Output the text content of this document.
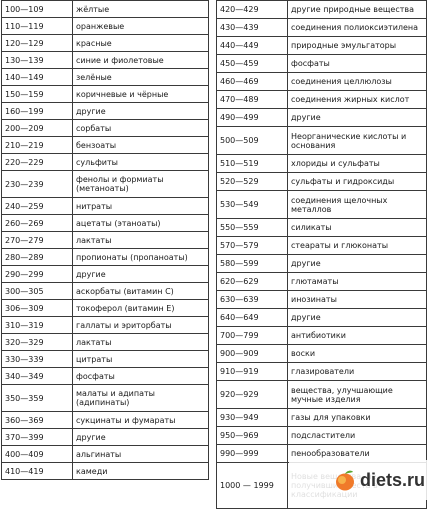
100—109	жёлтые
110—119	оранжевые
120—129	красные
130—139	синие и фиолетовые
140—149	зелёные
150—159	коричневые и чёрные
160—199	другие
200—209	сорбаты
210—219	бензоаты
220—229	сульфиты
230—239	фенолы и формиаты (метаноаты)
240—259	нитраты
260—269	ацетаты (этаноаты)
270—279	лактаты
280—289	пропионаты (пропаноаты)
290—299	другие
300—305	аскорбаты (витамин С)
306—309	токоферол (витамин Е)
310—319	галлаты и эриторбаты
320—329	лактаты
330—339	цитраты
340—349	фосфаты
350—359	малаты и адипаты (адипинаты)
360—369	сукцинаты и фумараты
370—399	другие
400—409	альгинаты
410—419	камеди
420—429	другие природные вещества
430—439	соединения полиоксиэтилена
440—449	природные эмульгаторы
450—459	фосфаты
460—469	соединения целлюлозы
470—489	соединения жирных кислот
490—499	другие
500—509	Неорганические кислоты и основания
510—519	хлориды и сульфаты
520—529	сульфаты и гидроксиды
530—549	соединения щелочных металлов
550—559	силикаты
570—579	стеараты и глюконаты
580—599	другие
620—629	глютаматы
630—639	инозинаты
640—649	другие
700—799	антибиотики
900—909	воски
910—919	глазирователи
920—929	вещества, улучшающие мучные изделия
930—949	газы для упаковки
950—969	подсластители
990—999	пенообразователи
1000 — 1999		diets.ru
